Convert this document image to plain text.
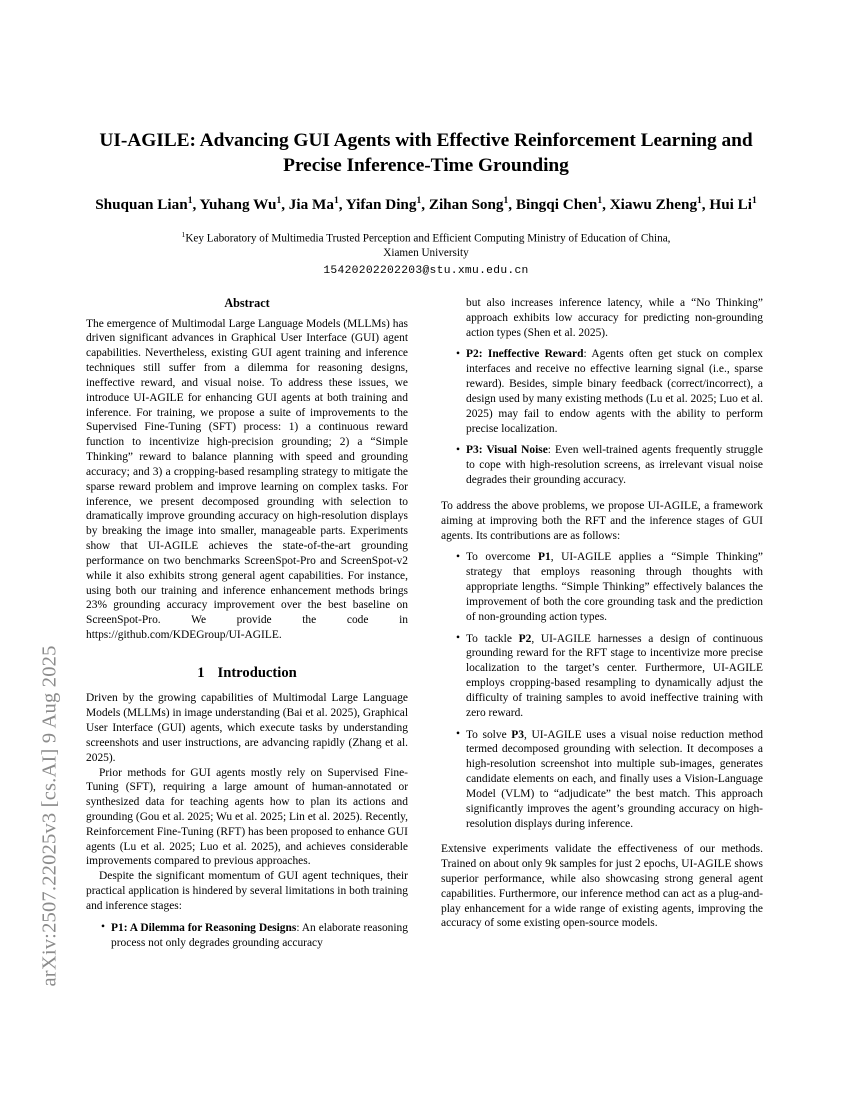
arXiv:2507.22025v3 [cs.AI] 9 Aug 2025
UI-AGILE: Advancing GUI Agents with Effective Reinforcement Learning and
Precise Inference-Time Grounding
Shuquan Lian$^1$, Yuhang Wu$^1$, Jia Ma$^1$, Yifan Ding$^1$, Zihan Song$^1$, Bingqi Chen$^1$, Xiawu Zheng$^1$, Hui Li$^1$
$^1$Key Laboratory of Multimedia Trusted Perception and Efficient Computing Ministry of Education of China,
Xiamen University
15420202202203@stu.xmu.edu.cn
Abstract

The emergence of Multimodal Large Language Models (MLLMs) has driven significant advances in Graphical User Interface (GUI) agent capabilities. Nevertheless, existing GUI agent training and inference techniques still suffer from a dilemma for reasoning designs, ineffective reward, and visual noise. To address these issues, we introduce UI-AGILE for enhancing GUI agents at both training and inference. For training, we propose a suite of improvements to the Supervised Fine-Tuning (SFT) process: 1) a continuous reward function to incentivize high-precision grounding; 2) a “Simple Thinking” reward to balance planning with speed and grounding accuracy; and 3) a cropping-based resampling strategy to mitigate the sparse reward problem and improve learning on complex tasks. For inference, we present decomposed grounding with selection to dramatically improve grounding accuracy on high-resolution displays by breaking the image into smaller, manageable parts. Experiments show that UI-AGILE achieves the state-of-the-art grounding performance on two benchmarks ScreenSpot-Pro and ScreenSpot-v2 while it also exhibits strong general agent capabilities. For instance, using both our training and inference enhancement methods brings 23% grounding accuracy improvement over the best baseline on ScreenSpot-Pro. We provide the code in https://github.com/KDEGroup/UI-AGILE.

1 Introduction

Driven by the growing capabilities of Multimodal Large Language Models (MLLMs) in image understanding (Bai et al. 2025), Graphical User Interface (GUI) agents, which execute tasks by understanding screenshots and user instructions, are advancing rapidly (Zhang et al. 2025).

Prior methods for GUI agents mostly rely on Supervised Fine-Tuning (SFT), requiring a large amount of human-annotated or synthesized data for teaching agents how to plan its actions and grounding (Gou et al. 2025; Wu et al. 2025; Lin et al. 2025). Recently, Reinforcement Fine-Tuning (RFT) has been proposed to enhance GUI agents (Lu et al. 2025; Luo et al. 2025), and achieves considerable improvements compared to previous approaches.

Despite the significant momentum of GUI agent techniques, their practical application is hindered by several limitations in both training and inference stages:

• P1: A Dilemma for Reasoning Designs: An elaborate reasoning process not only degrades grounding accuracy
but also increases inference latency, while a “No Thinking” approach exhibits low accuracy for predicting non-grounding action types (Shen et al. 2025).
• P2: Ineffective Reward: Agents often get stuck on complex interfaces and receive no effective learning signal (i.e., sparse reward). Besides, simple binary feedback (correct/incorrect), a design used by many existing methods (Lu et al. 2025; Luo et al. 2025) may fail to endow agents with the ability to perform precise localization.
• P3: Visual Noise: Even well-trained agents frequently struggle to cope with high-resolution screens, as irrelevant visual noise degrades their grounding accuracy.

To address the above problems, we propose UI-AGILE, a framework aiming at improving both the RFT and the inference stages of GUI agents. Its contributions are as follows:

• To overcome P1, UI-AGILE applies a “Simple Thinking” strategy that employs reasoning through thoughts with appropriate lengths. “Simple Thinking” effectively balances the improvement of both the core grounding task and the prediction of non-grounding action types.
• To tackle P2, UI-AGILE harnesses a design of continuous grounding reward for the RFT stage to incentivize more precise localization to the target’s center. Furthermore, UI-AGILE employs cropping-based resampling to dynamically adjust the difficulty of training samples to avoid ineffective training with zero reward.
• To solve P3, UI-AGILE uses a visual noise reduction method termed decomposed grounding with selection. It decomposes a high-resolution screenshot into multiple sub-images, generates candidate elements on each, and finally uses a Vision-Language Model (VLM) to “adjudicate” the best match. This approach significantly improves the agent’s grounding accuracy on high-resolution displays during inference.

Extensive experiments validate the effectiveness of our methods. Trained on about only 9k samples for just 2 epochs, UI-AGILE shows superior performance, while also showcasing strong general agent capabilities. Furthermore, our inference method can act as a plug-and-play enhancement for a wide range of existing agents, improving the accuracy of some existing open-source models.
